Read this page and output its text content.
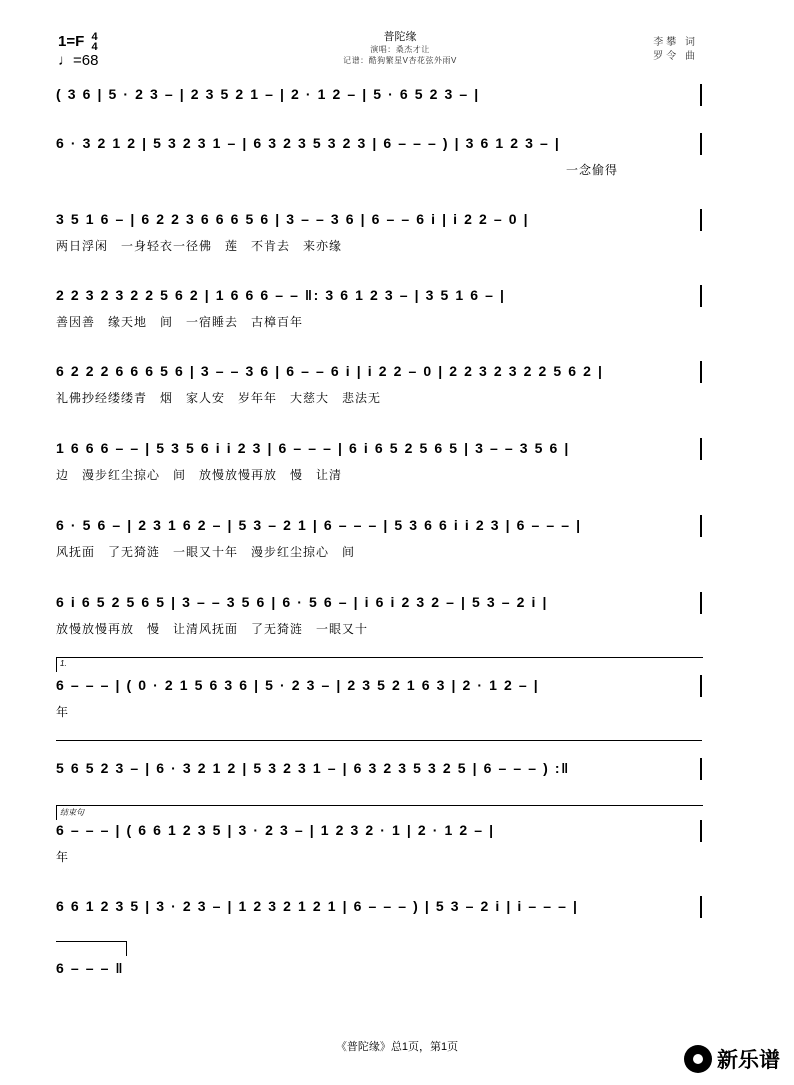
1=F 4
4
♩=68
普陀缘
演唱：桑杰才让
记谱：酷狗繁星V杏花弦外雨V
李攀 词
罗令 曲
( 3 6 | 5 · 2 3 – | 2 3 5 2 1 – | 2 · 1 2 – | 5 · 6 5 2 3 – |
6 · 3 2 1 2 | 5 3 2 3 1 – | 6 3 2 3 5 3 2 3 | 6 – – – ) | 3 6 1 2 3 – |
一念偷得
3 5 1 6 – | 6 2 2 3 6 6 6 5 6 | 3 – – 3 6 | 6 – – 6 i | i 2 2 – 0 |
两日浮闲　一身轻衣一径佛　莲　不肯去　来亦缘
2 2 3 2 3 2 2 5 6 2 | 1 6 6 6 – – ‖: 3 6 1 2 3 – | 3 5 1 6 – |
善因善　缘天地　间　一宿睡去　古樟百年
6 2 2 2 6 6 6 5 6 | 3 – – 3 6 | 6 – – 6 i | i 2 2 – 0 | 2 2 3 2 3 2 2 5 6 2 |
礼佛抄经缕缕青　烟　家人安　岁年年　大慈大　悲法无
1 6 6 6 – – | 5 3 5 6 i i 2 3 | 6 – – – | 6 i 6 5 2 5 6 5 | 3 – – 3 5 6 |
边　漫步红尘掠心　间　放慢放慢再放　慢　让清
6 · 5 6 – | 2 3 1 6 2 – | 5 3 – 2 1 | 6 – – – | 5 3 6 6 i i 2 3 | 6 – – – |
风抚面　了无猗涟　一眼又十年　漫步红尘掠心　间
6 i 6 5 2 5 6 5 | 3 – – 3 5 6 | 6 · 5 6 – | i 6 i 2 3 2 – | 5 3 – 2 i |
放慢放慢再放　慢　让清风抚面　了无猗涟　一眼又十
1.
6 – – – | ( 0 · 2 1 5 6 3 6 | 5 · 2 3 – | 2 3 5 2 1 6 3 | 2 · 1 2 – |
年
5 6 5 2 3 – | 6 · 3 2 1 2 | 5 3 2 3 1 – | 6 3 2 3 5 3 2 5 | 6 – – – ) :‖
结束句
6 – – – | ( 6 6 1 2 3 5 | 3 · 2 3 – | 1 2 3 2 · 1 | 2 · 1 2 – |
年
6 6 1 2 3 5 | 3 · 2 3 – | 1 2 3 2 1 2 1 | 6 – – – ) | 5 3 – 2 i | i – – – |
6 – – – ‖
《普陀缘》总1页，第1页
新乐谱
